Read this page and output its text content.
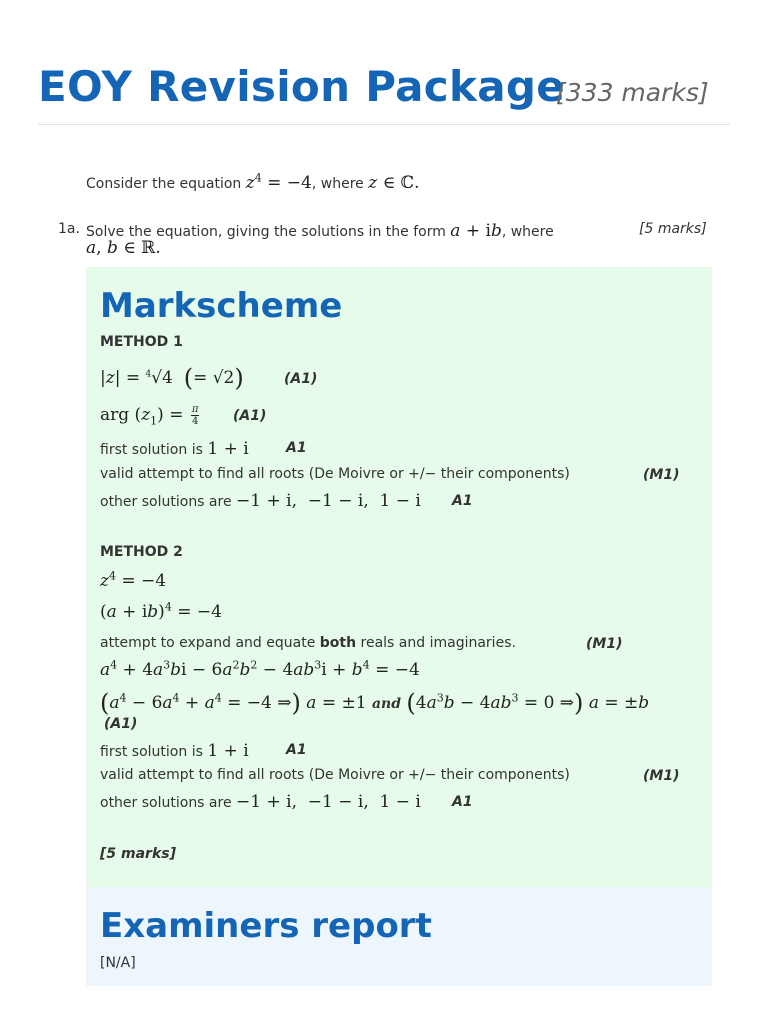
EOY Revision Package
[333 marks]
Consider the equation $z^4 = -4$, where z ∈ ℂ.
1a. Solve the equation, giving the solutions in the form a + ib, where
a, b ∈ ℝ.
[5 marks]
Markscheme
METHOD 1
|z| = $^4$√4  (= √2)	(A1)
arg $(z_1) = \frac{\pi}{4} (A1)$
first solution is 1 + i	A1
valid attempt to find all roots (De Moivre or +/− their components)	(M1)
other solutions are −1 + i,  −1 − i,  1 − i A1
METHOD 2
$z^4 = -4$
(a + ib)$^4$ = −4
attempt to expand and equate both reals and imaginaries.	(M1)
$a^4 + 4a^3bi - 6a^2b^2 - 4ab^3i + b^4 = -4$
($a^4 - 6a^4 + a^4 = -4$ ⇒) a = ±1 and ($4a^3b - 4ab^3 = 0$ ⇒) a = ±b
(A1)
first solution is 1 + i	A1
valid attempt to find all roots (De Moivre or +/− their components)	(M1)
other solutions are −1 + i,  −1 − i,  1 − i A1
[5 marks]
Examiners report
[N/A]
